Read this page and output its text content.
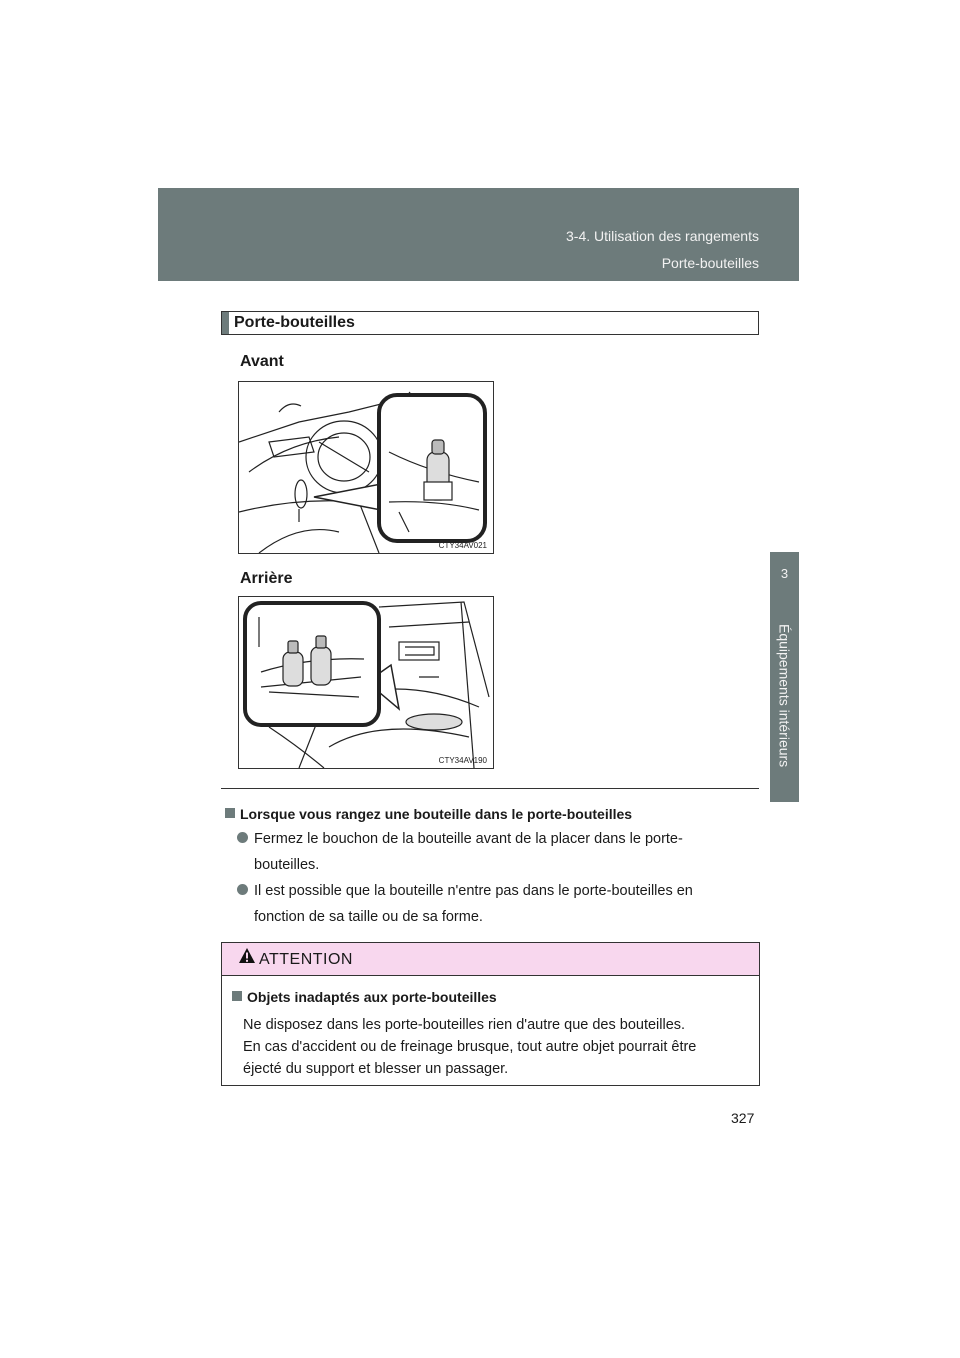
3-4. Utilisation des rangements
Porte-bouteilles
3
Équipements intérieurs
Porte-bouteilles
Avant
CTY34AV021
Arrière
CTY34AV190
Lorsque vous rangez une bouteille dans le porte-bouteilles
Fermez le bouchon de la bouteille avant de la placer dans le porte-
bouteilles.
Il est possible que la bouteille n'entre pas dans le porte-bouteilles en
fonction de sa taille ou de sa forme.
ATTENTION
Objets inadaptés aux porte-bouteilles
Ne disposez dans les porte-bouteilles rien d'autre que des bouteilles.
En cas d'accident ou de freinage brusque, tout autre objet pourrait être
éjecté du support et blesser un passager.
327
